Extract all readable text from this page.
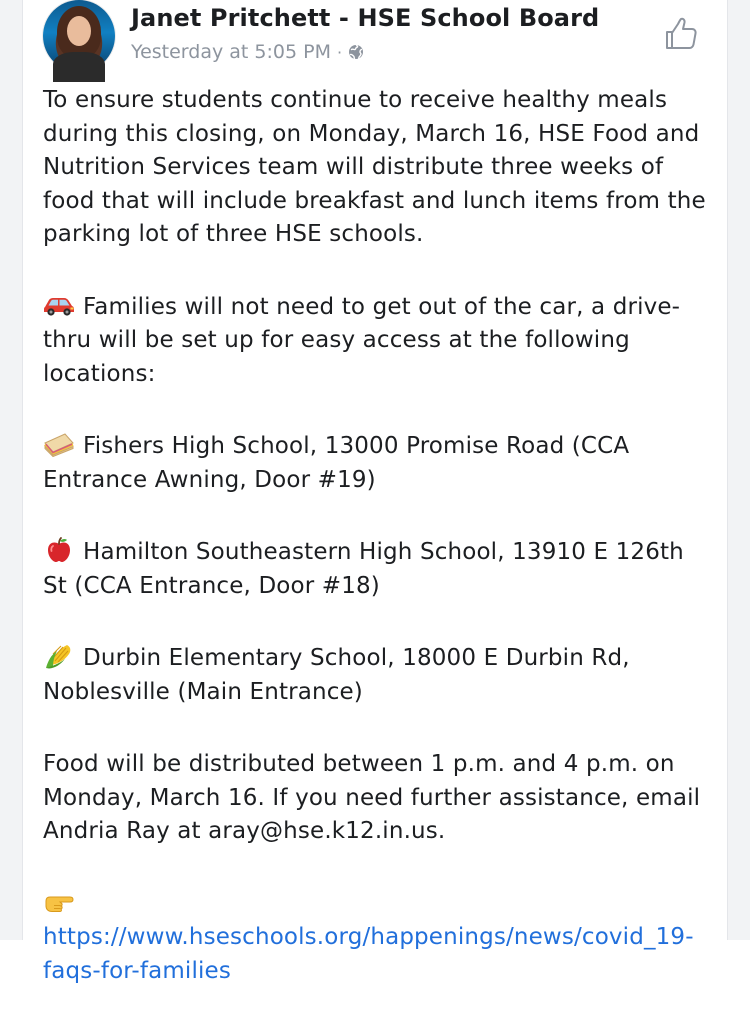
Janet Pritchett - HSE School Board
Yesterday at 5:05 PM ·

To ensure students continue to receive healthy meals during this closing, on Monday, March 16, HSE Food and Nutrition Services team will distribute three weeks of food that will include breakfast and lunch items from the parking lot of three HSE schools.

Families will not need to get out of the car, a drive-thru will be set up for easy access at the following locations:

Fishers High School, 13000 Promise Road (CCA Entrance Awning, Door #19)

Hamilton Southeastern High School, 13910 E 126th St (CCA Entrance, Door #18)

Durbin Elementary School, 18000 E Durbin Rd, Noblesville (Main Entrance)

Food will be distributed between 1 p.m. and 4 p.m. on Monday, March 16. If you need further assistance, email Andria Ray at aray@hse.k12.in.us.

https://www.hseschools.org/happenings/news/covid_19-faqs-for-families
